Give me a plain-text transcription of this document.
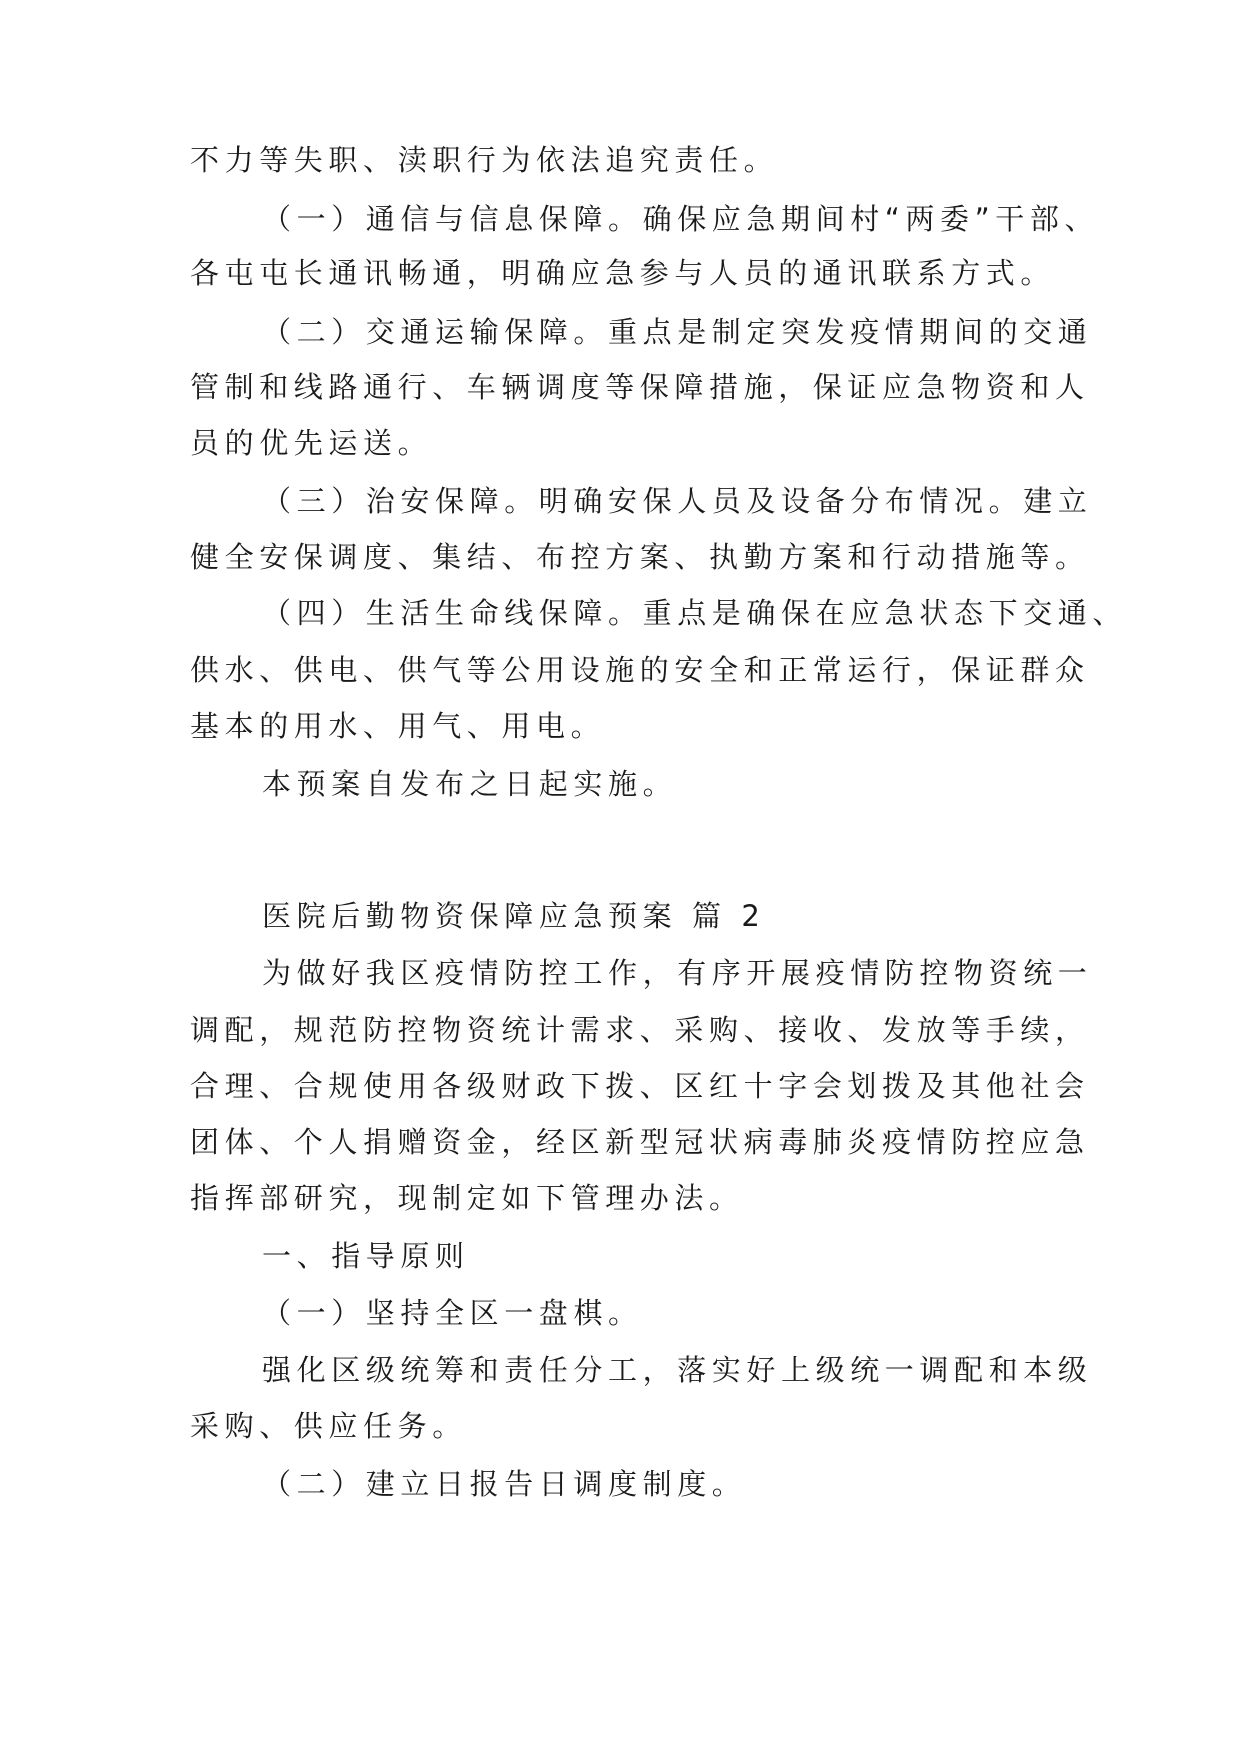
不力等失职、渎职行为依法追究责任。
（一）通信与信息保障。确保应急期间村“两委”干部、
各屯屯长通讯畅通，明确应急参与人员的通讯联系方式。
（二）交通运输保障。重点是制定突发疫情期间的交通
管制和线路通行、车辆调度等保障措施，保证应急物资和人
员的优先运送。
（三）治安保障。明确安保人员及设备分布情况。建立
健全安保调度、集结、布控方案、执勤方案和行动措施等。
（四）生活生命线保障。重点是确保在应急状态下交通、
供水、供电、供气等公用设施的安全和正常运行，保证群众
基本的用水、用气、用电。
本预案自发布之日起实施。
医院后勤物资保障应急预案 篇 2
为做好我区疫情防控工作，有序开展疫情防控物资统一
调配，规范防控物资统计需求、采购、接收、发放等手续，
合理、合规使用各级财政下拨、区红十字会划拨及其他社会
团体、个人捐赠资金，经区新型冠状病毒肺炎疫情防控应急
指挥部研究，现制定如下管理办法。
一、指导原则
（一）坚持全区一盘棋。
强化区级统筹和责任分工，落实好上级统一调配和本级
采购、供应任务。
（二）建立日报告日调度制度。
